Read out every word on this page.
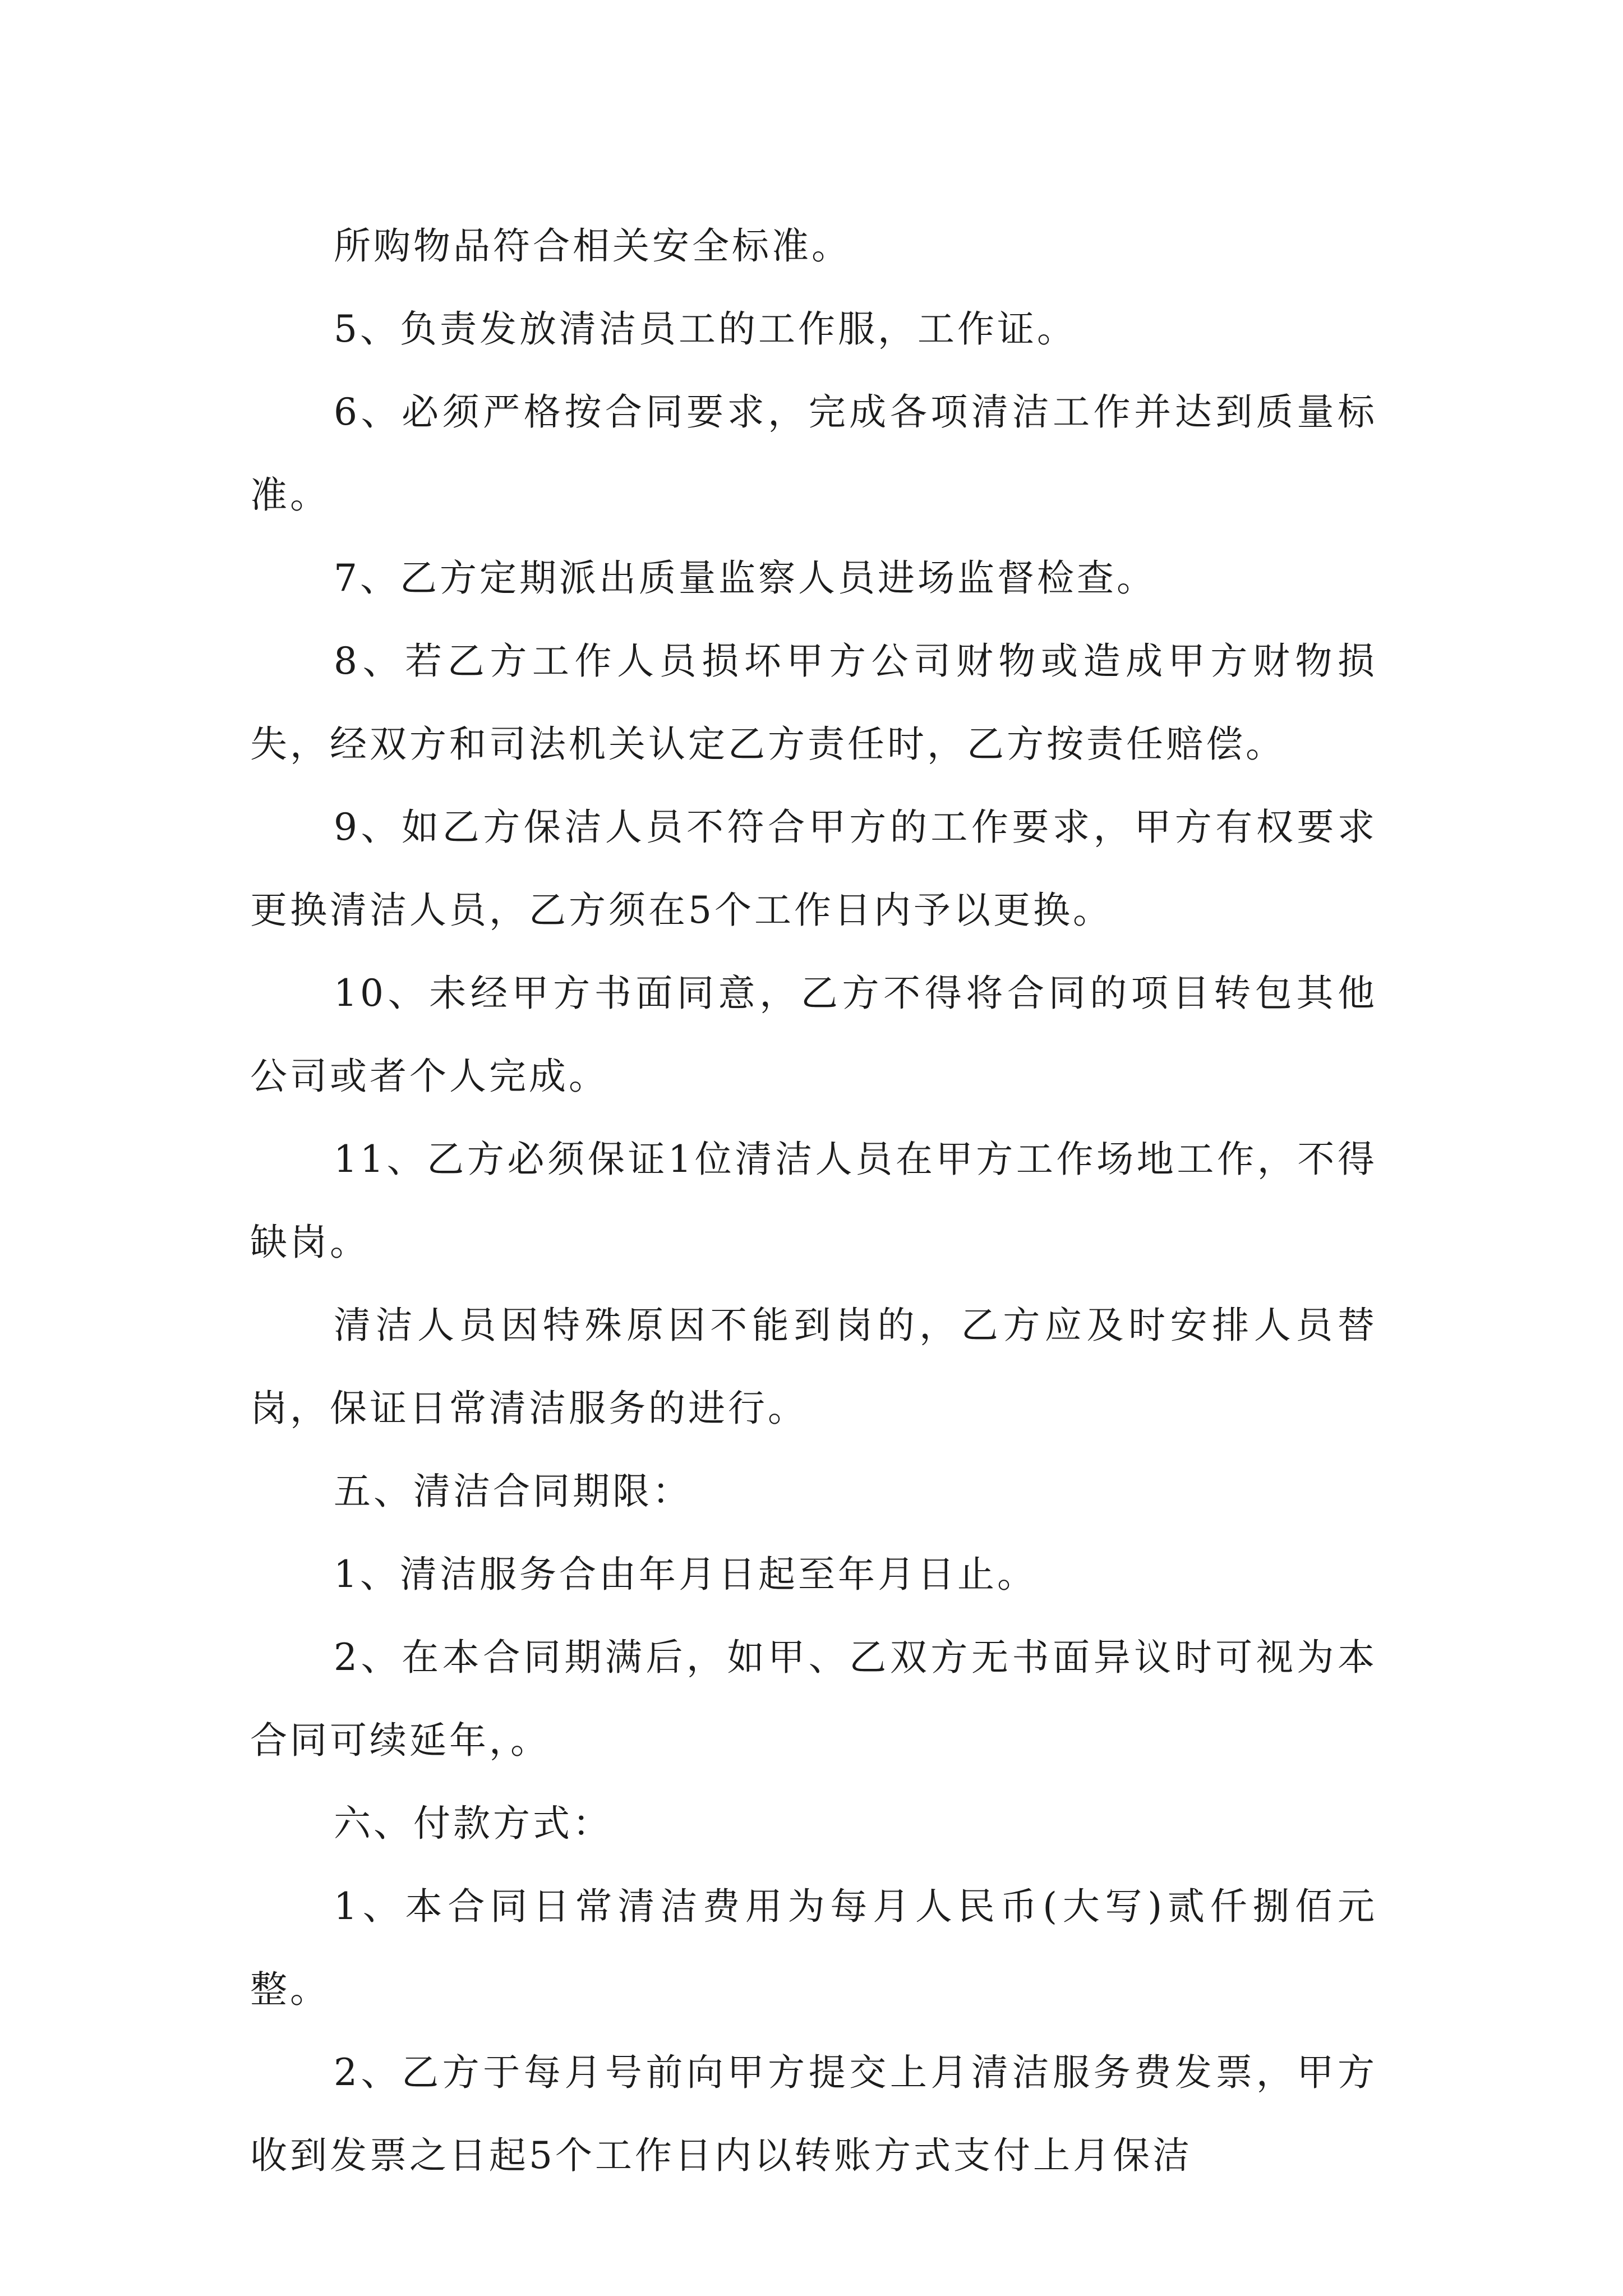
所购物品符合相关安全标准。

5、负责发放清洁员工的工作服，工作证。

6、必须严格按合同要求，完成各项清洁工作并达到质量标准。

7、乙方定期派出质量监察人员进场监督检查。

8、若乙方工作人员损坏甲方公司财物或造成甲方财物损失，经双方和司法机关认定乙方责任时，乙方按责任赔偿。

9、如乙方保洁人员不符合甲方的工作要求，甲方有权要求更换清洁人员，乙方须在5个工作日内予以更换。

10、未经甲方书面同意，乙方不得将合同的项目转包其他公司或者个人完成。

11、乙方必须保证1位清洁人员在甲方工作场地工作，不得缺岗。

清洁人员因特殊原因不能到岗的，乙方应及时安排人员替岗，保证日常清洁服务的进行。

五、清洁合同期限：

1、清洁服务合由年月日起至年月日止。

2、在本合同期满后，如甲、乙双方无书面异议时可视为本合同可续延年，。

六、付款方式：

1、本合同日常清洁费用为每月人民币(大写)贰仟捌佰元整。

2、乙方于每月号前向甲方提交上月清洁服务费发票，甲方收到发票之日起5个工作日内以转账方式支付上月保洁
